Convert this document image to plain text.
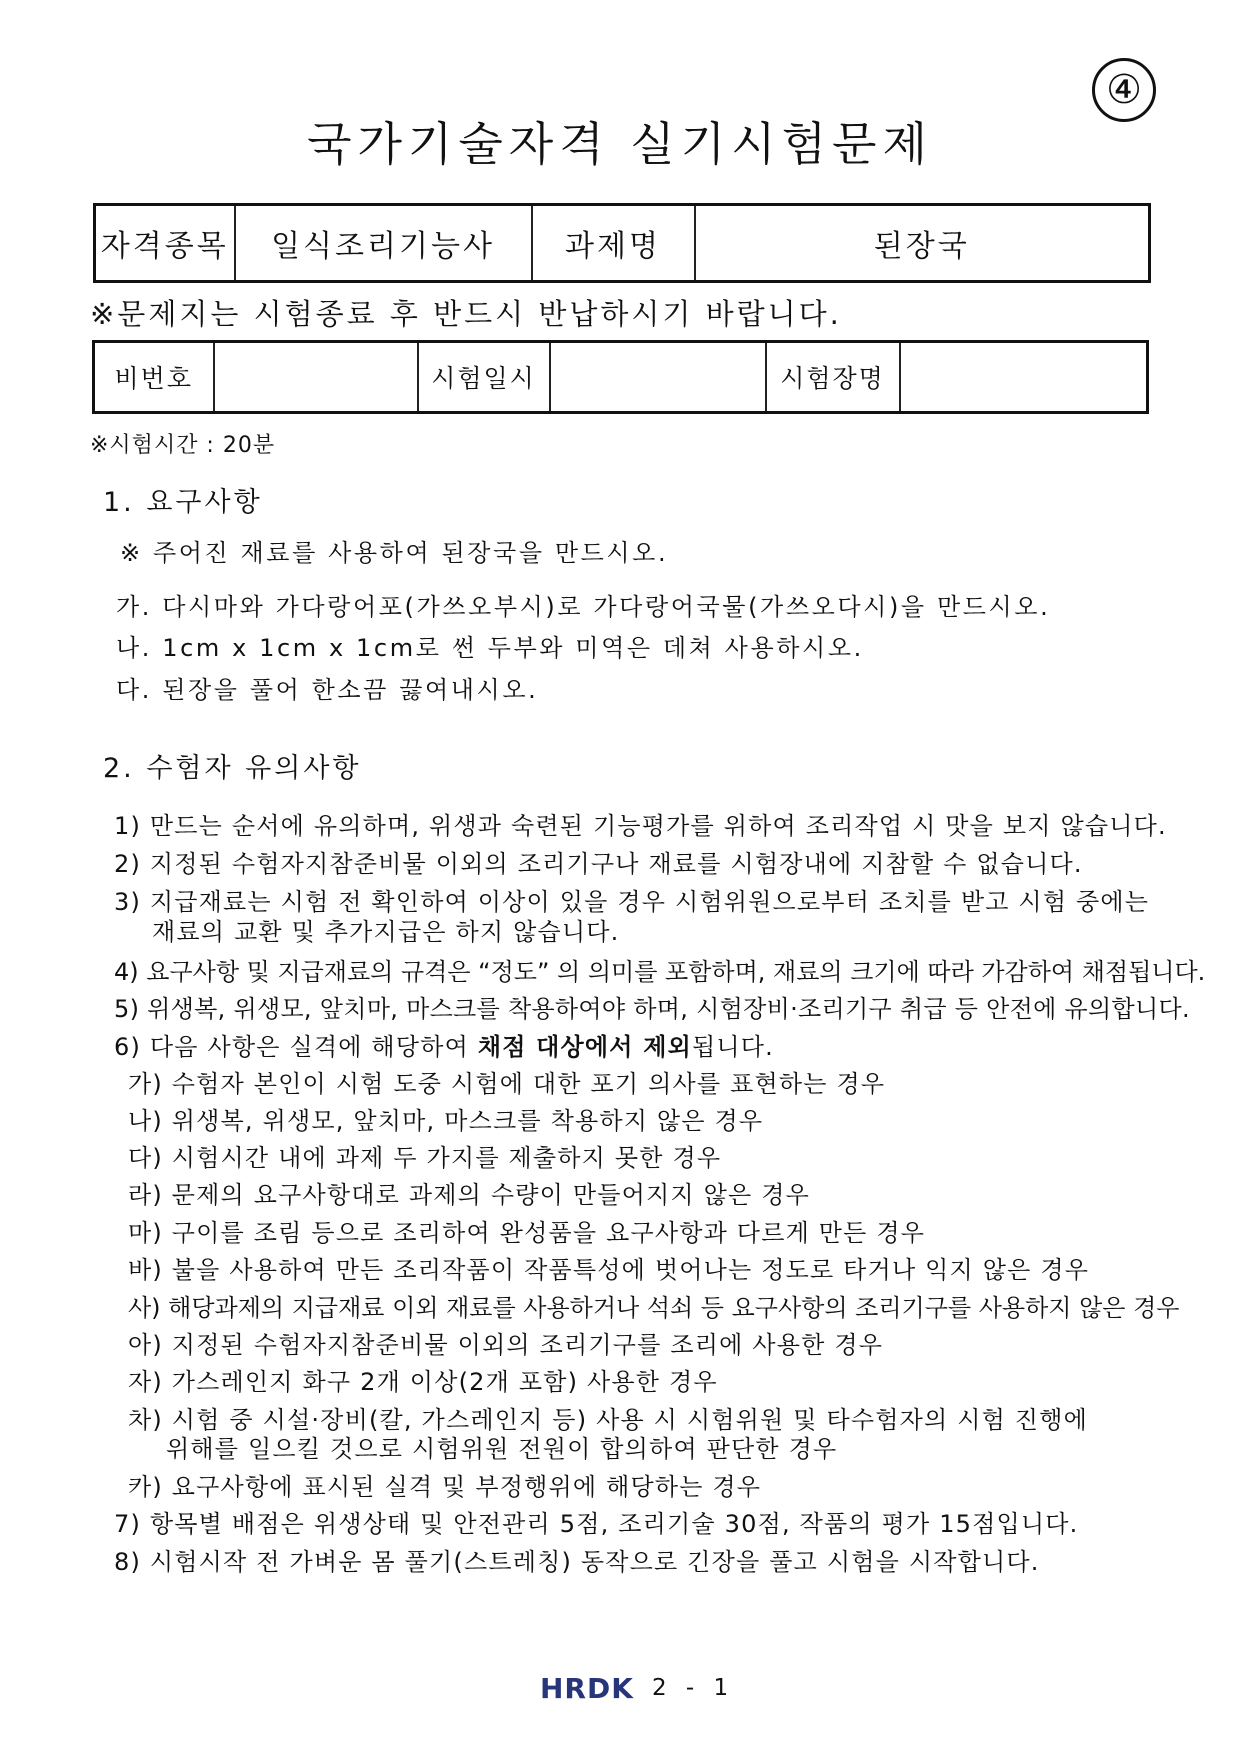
④
국가기술자격 실기시험문제
자격종목	일식조리기능사	과제명	된장국
※문제지는 시험종료 후 반드시 반납하시기 바랍니다.
비번호		시험일시		시험장명	
※시험시간 : 20분
1. 요구사항
※ 주어진 재료를 사용하여 된장국을 만드시오.
가. 다시마와 가다랑어포(가쓰오부시)로 가다랑어국물(가쓰오다시)을 만드시오.
나. 1cm x 1cm x 1cm로 썬 두부와 미역은 데쳐 사용하시오.
다. 된장을 풀어 한소끔 끓여내시오.
2. 수험자 유의사항
1) 만드는 순서에 유의하며, 위생과 숙련된 기능평가를 위하여 조리작업 시 맛을 보지 않습니다.
2) 지정된 수험자지참준비물 이외의 조리기구나 재료를 시험장내에 지참할 수 없습니다.
3) 지급재료는 시험 전 확인하여 이상이 있을 경우 시험위원으로부터 조치를 받고 시험 중에는
재료의 교환 및 추가지급은 하지 않습니다.
4) 요구사항 및 지급재료의 규격은 “정도” 의 의미를 포함하며, 재료의 크기에 따라 가감하여 채점됩니다.
5) 위생복, 위생모, 앞치마, 마스크를 착용하여야 하며, 시험장비·조리기구 취급 등 안전에 유의합니다.
6) 다음 사항은 실격에 해당하여 채점 대상에서 제외됩니다.
가) 수험자 본인이 시험 도중 시험에 대한 포기 의사를 표현하는 경우
나) 위생복, 위생모, 앞치마, 마스크를 착용하지 않은 경우
다) 시험시간 내에 과제 두 가지를 제출하지 못한 경우
라) 문제의 요구사항대로 과제의 수량이 만들어지지 않은 경우
마) 구이를 조림 등으로 조리하여 완성품을 요구사항과 다르게 만든 경우
바) 불을 사용하여 만든 조리작품이 작품특성에 벗어나는 정도로 타거나 익지 않은 경우
사) 해당과제의 지급재료 이외 재료를 사용하거나 석쇠 등 요구사항의 조리기구를 사용하지 않은 경우
아) 지정된 수험자지참준비물 이외의 조리기구를 조리에 사용한 경우
자) 가스레인지 화구 2개 이상(2개 포함) 사용한 경우
차) 시험 중 시설·장비(칼, 가스레인지 등) 사용 시 시험위원 및 타수험자의 시험 진행에
위해를 일으킬 것으로 시험위원 전원이 합의하여 판단한 경우
카) 요구사항에 표시된 실격 및 부정행위에 해당하는 경우
7) 항목별 배점은 위생상태 및 안전관리 5점, 조리기술 30점, 작품의 평가 15점입니다.
8) 시험시작 전 가벼운 몸 풀기(스트레칭) 동작으로 긴장을 풀고 시험을 시작합니다.
HRDK 2 - 1
